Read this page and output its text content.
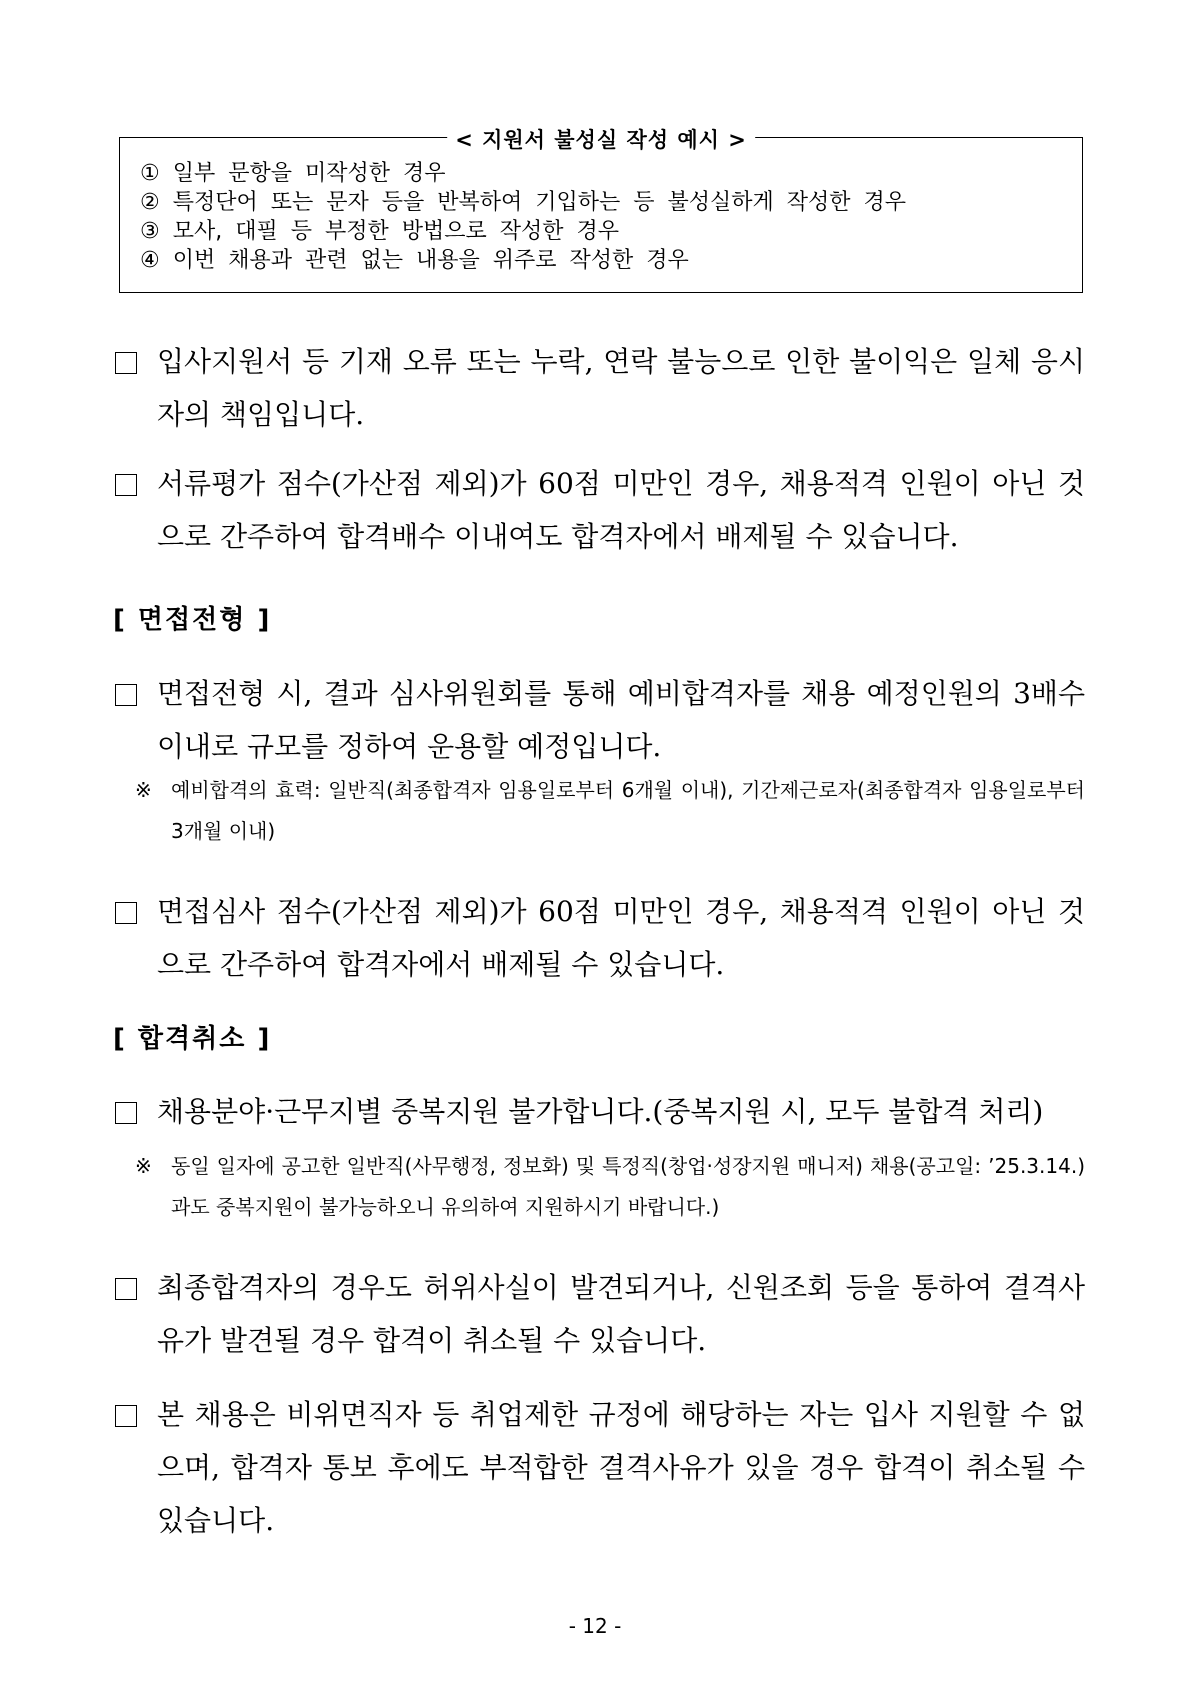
< 지원서 불성실 작성 예시 >
① 일부 문항을 미작성한 경우
② 특정단어 또는 문자 등을 반복하여 기입하는 등 불성실하게 작성한 경우
③ 모사, 대필 등 부정한 방법으로 작성한 경우
④ 이번 채용과 관련 없는 내용을 위주로 작성한 경우
입사지원서 등 기재 오류 또는 누락, 연락 불능으로 인한 불이익은 일체 응시자의 책임입니다.
서류평가 점수(가산점 제외)가 60점 미만인 경우, 채용적격 인원이 아닌 것으로 간주하여 합격배수 이내여도 합격자에서 배제될 수 있습니다.
[ 면접전형 ]
면접전형 시, 결과 심사위원회를 통해 예비합격자를 채용 예정인원의 3배수 이내로 규모를 정하여 운용할 예정입니다.
※ 예비합격의 효력: 일반직(최종합격자 임용일로부터 6개월 이내), 기간제근로자(최종합격자 임용일로부터 3개월 이내)
면접심사 점수(가산점 제외)가 60점 미만인 경우, 채용적격 인원이 아닌 것으로 간주하여 합격자에서 배제될 수 있습니다.
[ 합격취소 ]
채용분야·근무지별 중복지원 불가합니다.(중복지원 시, 모두 불합격 처리)
※ 동일 일자에 공고한 일반직(사무행정, 정보화) 및 특정직(창업·성장지원 매니저) 채용(공고일: ’25.3.14.)과도 중복지원이 불가능하오니 유의하여 지원하시기 바랍니다.)
최종합격자의 경우도 허위사실이 발견되거나, 신원조회 등을 통하여 결격사유가 발견될 경우 합격이 취소될 수 있습니다.
본 채용은 비위면직자 등 취업제한 규정에 해당하는 자는 입사 지원할 수 없으며, 합격자 통보 후에도 부적합한 결격사유가 있을 경우 합격이 취소될 수 있습니다.
- 12 -
